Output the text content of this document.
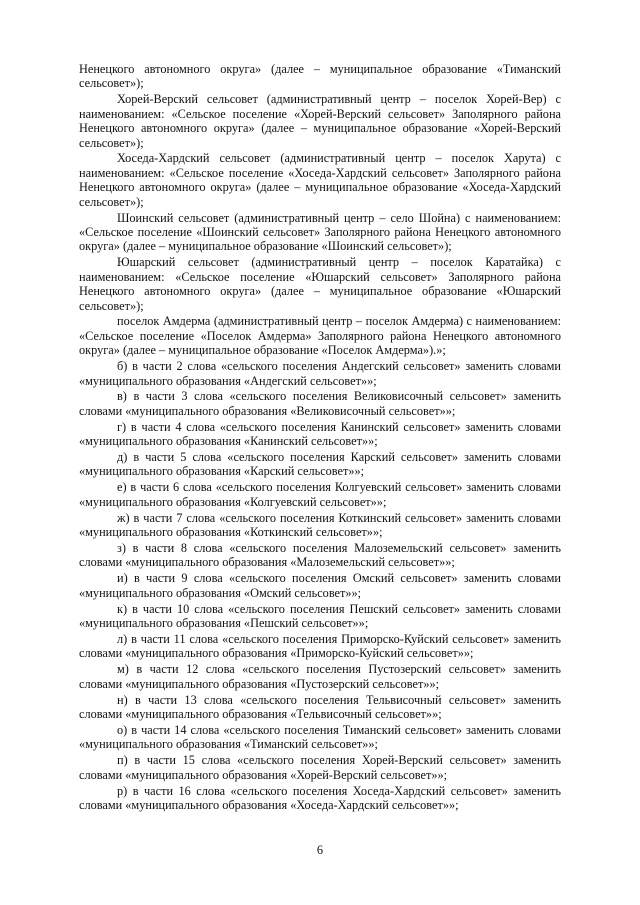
Ненецкого автономного округа» (далее – муниципальное образование «Тиманский сельсовет»);

Хорей-Верский сельсовет (административный центр – поселок Хорей-Вер) с наименованием: «Сельское поселение «Хорей-Верский сельсовет» Заполярного района Ненецкого автономного округа» (далее – муниципальное образование «Хорей-Верский сельсовет»);

Хоседа-Хардский сельсовет (административный центр – поселок Харута) с наименованием: «Сельское поселение «Хоседа-Хардский сельсовет» Заполярного района Ненецкого автономного округа» (далее – муниципальное образование «Хоседа-Хардский сельсовет»);

Шоинский сельсовет (административный центр – село Шойна) с наименованием: «Сельское поселение «Шоинский сельсовет» Заполярного района Ненецкого автономного округа» (далее – муниципальное образование «Шоинский сельсовет»);

Юшарский сельсовет (административный центр – поселок Каратайка) с наименованием: «Сельское поселение «Юшарский сельсовет» Заполярного района Ненецкого автономного округа» (далее – муниципальное образование «Юшарский сельсовет»);

поселок Амдерма (административный центр – поселок Амдерма) с наименованием: «Сельское поселение «Поселок Амдерма» Заполярного района Ненецкого автономного округа» (далее – муниципальное образование «Поселок Амдерма»).»;

б) в части 2 слова «сельского поселения Андегский сельсовет» заменить словами «муниципального образования «Андегский сельсовет»»;

в) в части 3 слова «сельского поселения Великовисочный сельсовет» заменить словами «муниципального образования «Великовисочный сельсовет»»;

г) в части 4 слова «сельского поселения Канинский сельсовет» заменить словами «муниципального образования «Канинский сельсовет»»;

д) в части 5 слова «сельского поселения Карский сельсовет» заменить словами «муниципального образования «Карский сельсовет»»;

е) в части 6 слова «сельского поселения Колгуевский сельсовет» заменить словами «муниципального образования «Колгуевский сельсовет»»;

ж) в части 7 слова «сельского поселения Коткинский сельсовет» заменить словами «муниципального образования «Коткинский сельсовет»»;

з) в части 8 слова «сельского поселения Малоземельский сельсовет» заменить словами «муниципального образования «Малоземельский сельсовет»»;

и) в части 9 слова «сельского поселения Омский сельсовет» заменить словами «муниципального образования «Омский сельсовет»»;

к) в части 10 слова «сельского поселения Пешский сельсовет» заменить словами «муниципального образования «Пешский сельсовет»»;

л) в части 11 слова «сельского поселения Приморско-Куйский сельсовет» заменить словами «муниципального образования «Приморско-Куйский сельсовет»»;

м) в части 12 слова «сельского поселения Пустозерский сельсовет» заменить словами «муниципального образования «Пустозерский сельсовет»»;

н) в части 13 слова «сельского поселения Тельвисочный сельсовет» заменить словами «муниципального образования «Тельвисочный сельсовет»»;

о) в части 14 слова «сельского поселения Тиманский сельсовет» заменить словами «муниципального образования «Тиманский сельсовет»»;

п) в части 15 слова «сельского поселения Хорей-Верский сельсовет» заменить словами «муниципального образования «Хорей-Верский сельсовет»»;

р) в части 16 слова «сельского поселения Хоседа-Хардский сельсовет» заменить словами «муниципального образования «Хоседа-Хардский сельсовет»»;

6
